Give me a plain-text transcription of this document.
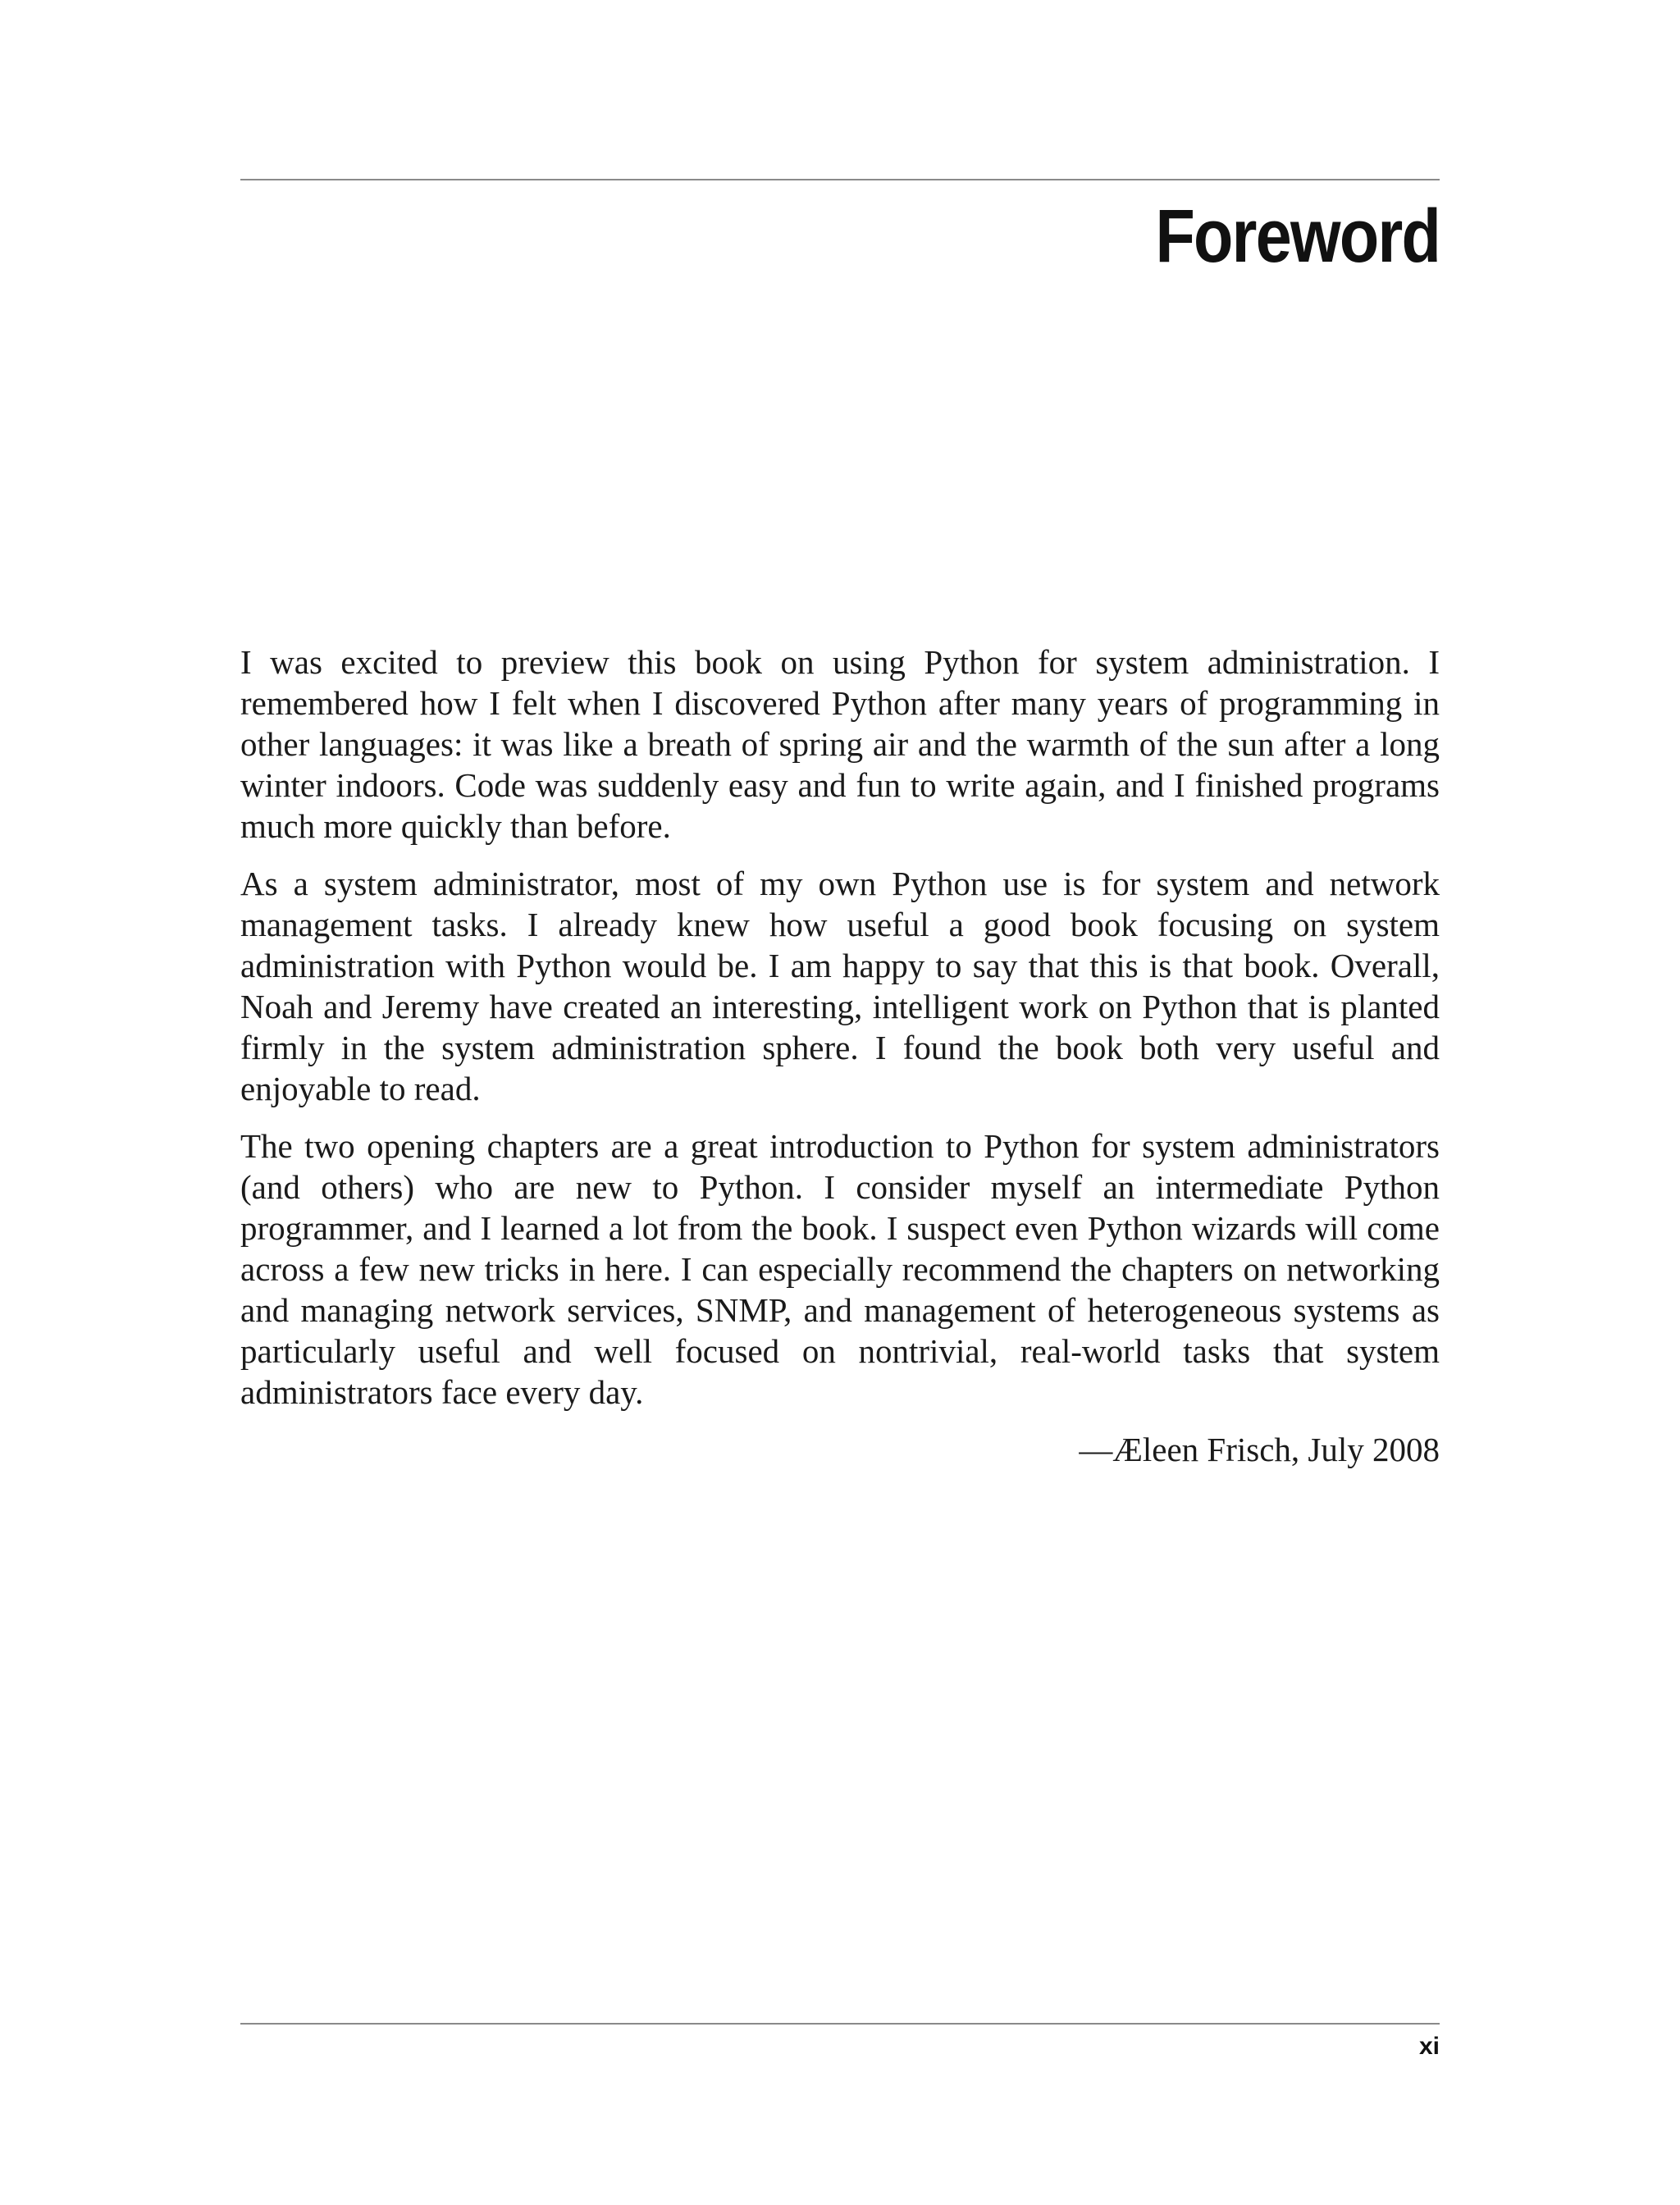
Foreword

I was excited to preview this book on using Python for system administration. I remembered how I felt when I discovered Python after many years of programming in other languages: it was like a breath of spring air and the warmth of the sun after a long winter indoors. Code was suddenly easy and fun to write again, and I finished programs much more quickly than before.

As a system administrator, most of my own Python use is for system and network management tasks. I already knew how useful a good book focusing on system administration with Python would be. I am happy to say that this is that book. Overall, Noah and Jeremy have created an interesting, intelligent work on Python that is planted firmly in the system administration sphere. I found the book both very useful and enjoyable to read.

The two opening chapters are a great introduction to Python for system administrators (and others) who are new to Python. I consider myself an intermediate Python programmer, and I learned a lot from the book. I suspect even Python wizards will come across a few new tricks in here. I can especially recommend the chapters on networking and managing network services, SNMP, and management of heterogeneous systems as particularly useful and well focused on nontrivial, real-world tasks that system administrators face every day.

—Æleen Frisch, July 2008

xi
